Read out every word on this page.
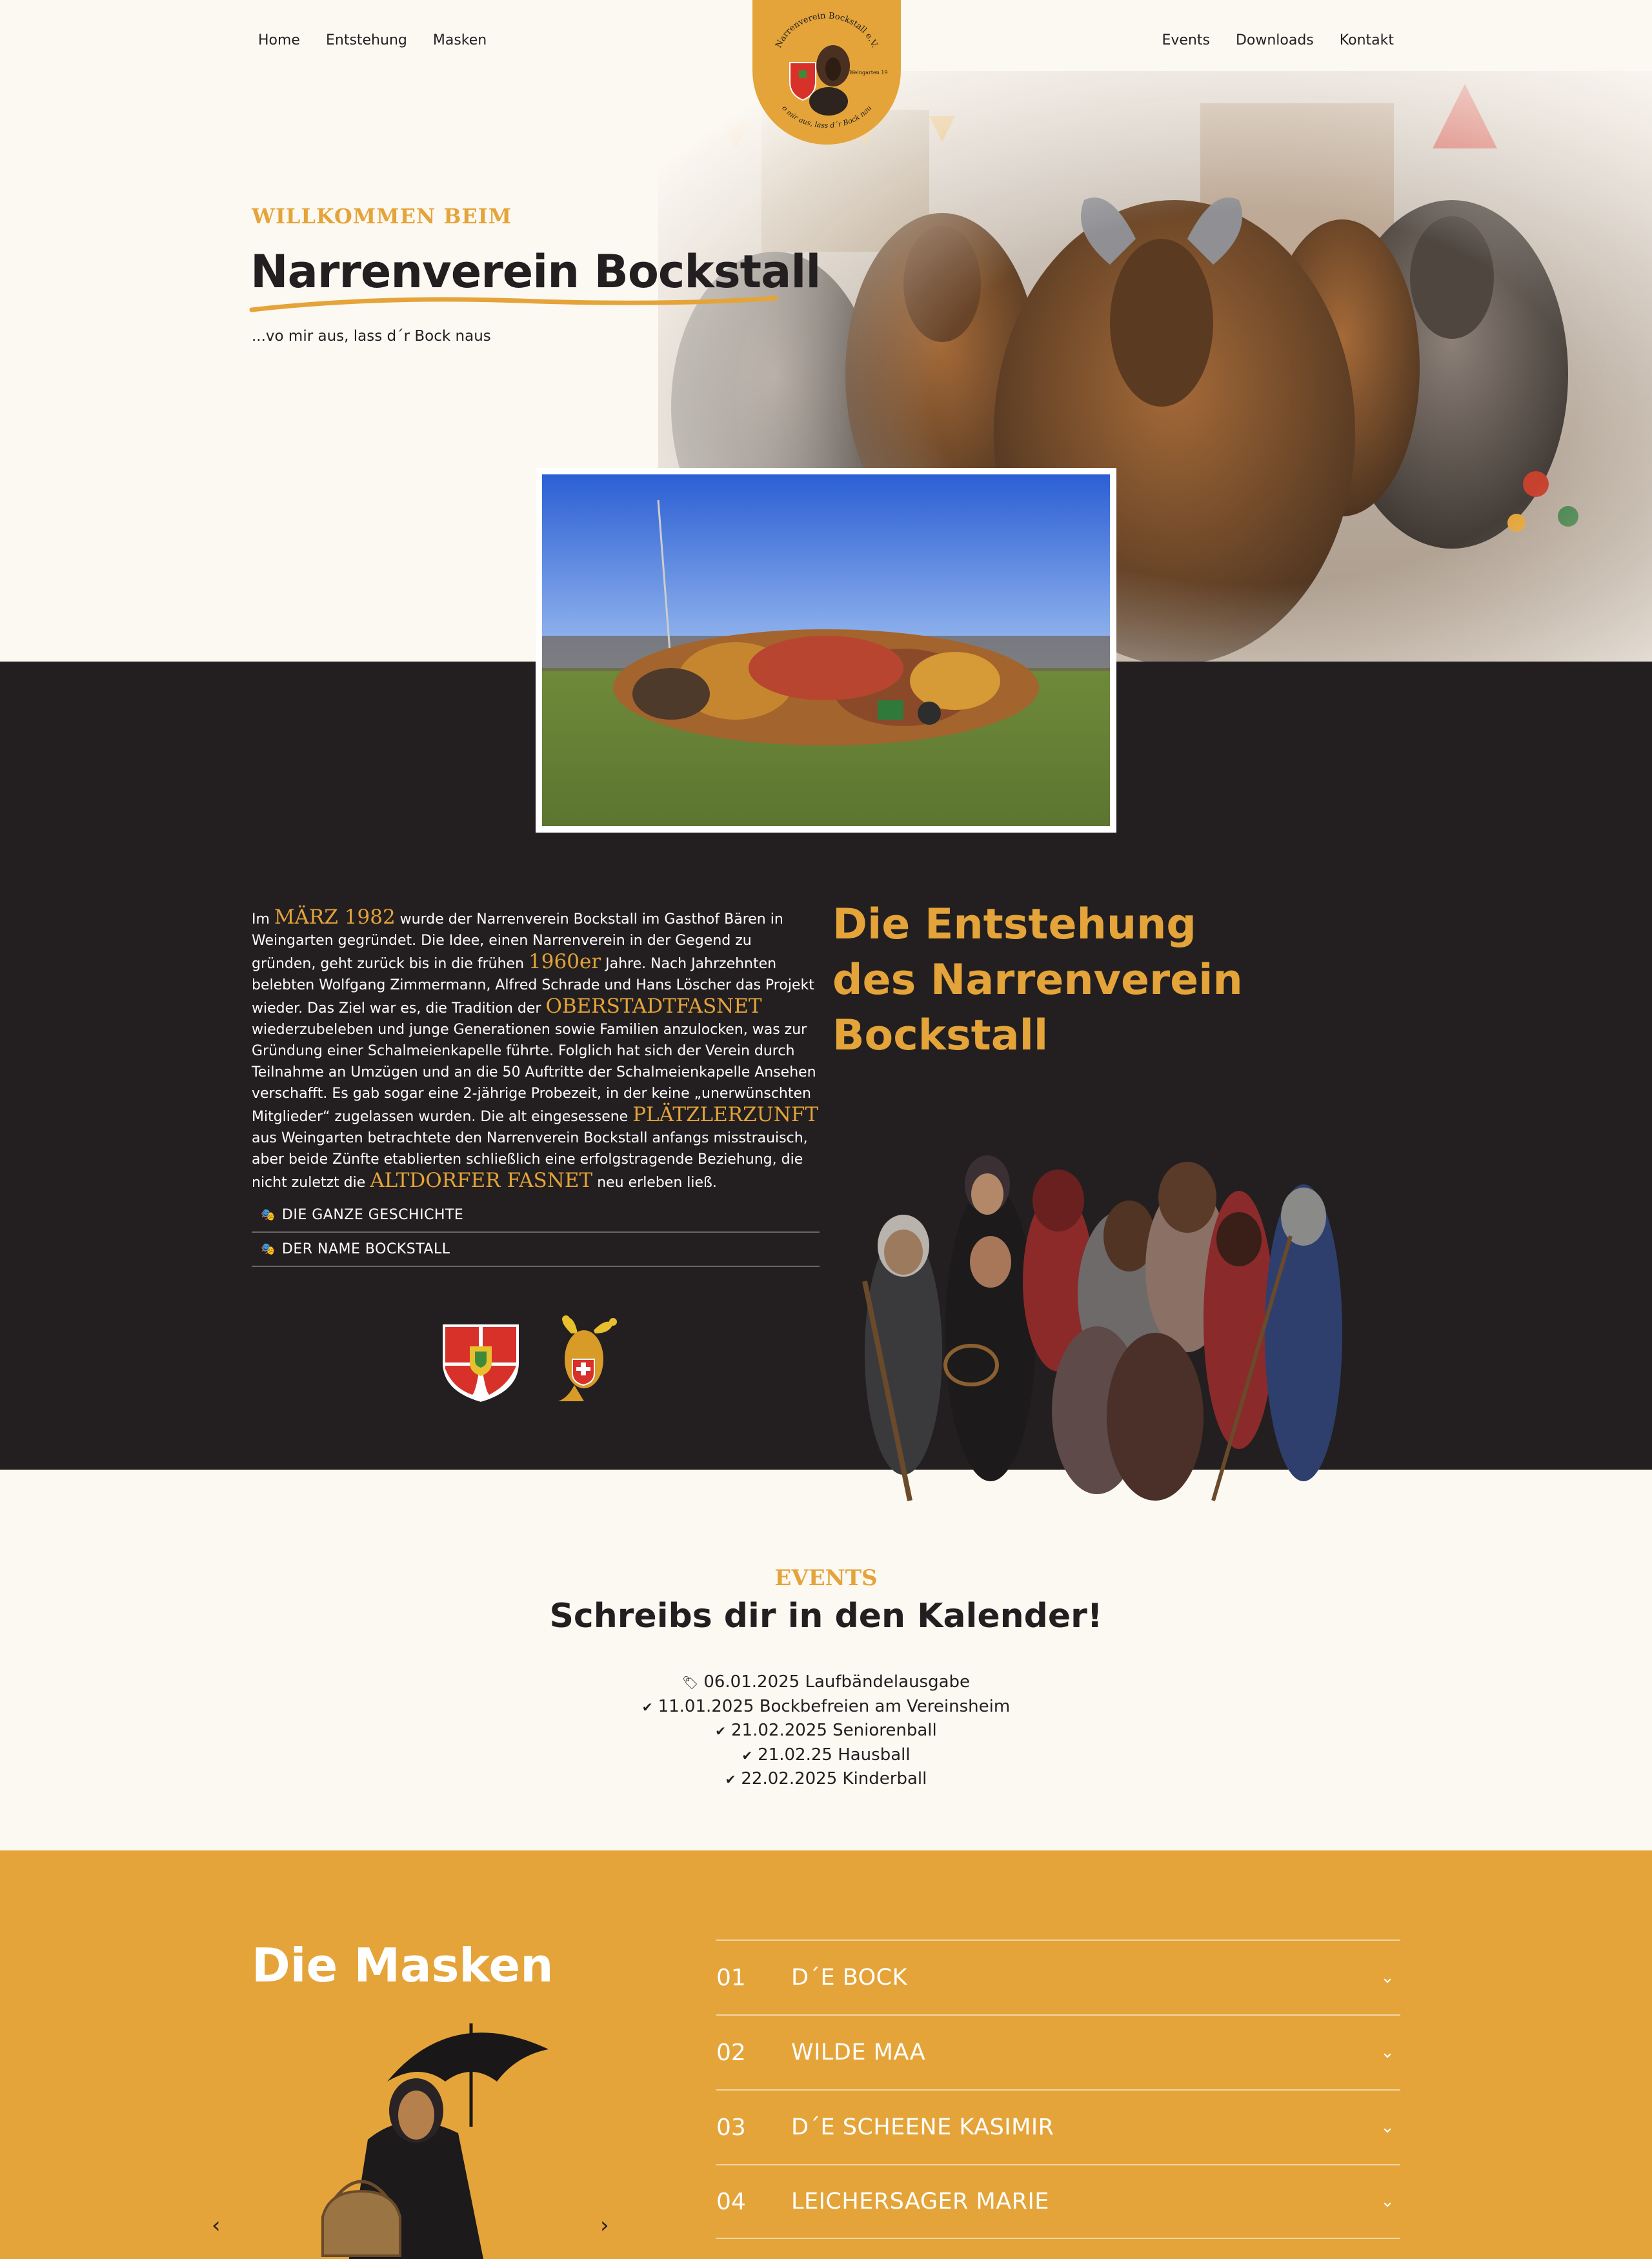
Home Entstehung Masken	Events Downloads Kontakt
WILLKOMMEN BEIM
Narrenverein Bockstall
...vo mir aus, lass d´r Bock naus
Narrenverein Bockstall e.V.
o mir aus, lass d´r Bock nau
Weingarten 19

Im MÄRZ 1982 wurde der Narrenverein Bockstall im Gasthof Bären in Weingarten gegründet. Die Idee, einen Narrenverein in der Gegend zu gründen, geht zurück bis in die frühen 1960er Jahre. Nach Jahrzehnten belebten Wolfgang Zimmermann, Alfred Schrade und Hans Löscher das Projekt wieder. Das Ziel war es, die Tradition der OBERSTADTFASNET wiederzubeleben und junge Generationen sowie Familien anzulocken, was zur Gründung einer Schalmeienkapelle führte. Folglich hat sich der Verein durch Teilnahme an Umzügen und an die 50 Auftritte der Schalmeienkapelle Ansehen verschafft. Es gab sogar eine 2-jährige Probezeit, in der keine „unerwünschten Mitglieder“ zugelassen wurden. Die alt eingesessene PLÄTZLERZUNFT aus Weingarten betrachtete den Narrenverein Bockstall anfangs misstrauisch, aber beide Zünfte etablierten schließlich eine erfolgstragende Beziehung, die nicht zuletzt die ALTDORFER FASNET neu erleben ließ.

🎭 DIE GANZE GESCHICHTE
🎭 DER NAME BOCKSTALL
Die Entstehung des Narrenverein Bockstall
EVENTS
Schreibs dir in den Kalender!
🏷 06.01.2025 Laufbändelausgabe
✔ 11.01.2025 Bockbefreien am Vereinsheim
✔ 21.02.2025 Seniorenball
✔ 21.02.25 Hausball
✔ 22.02.2025 Kinderball
Die Masken
‹	›
01	D´E BOCK	⌄
02	WILDE MAA	⌄
03	D´E SCHEENE KASIMIR	⌄
04	LEICHERSAGER MARIE	⌄
